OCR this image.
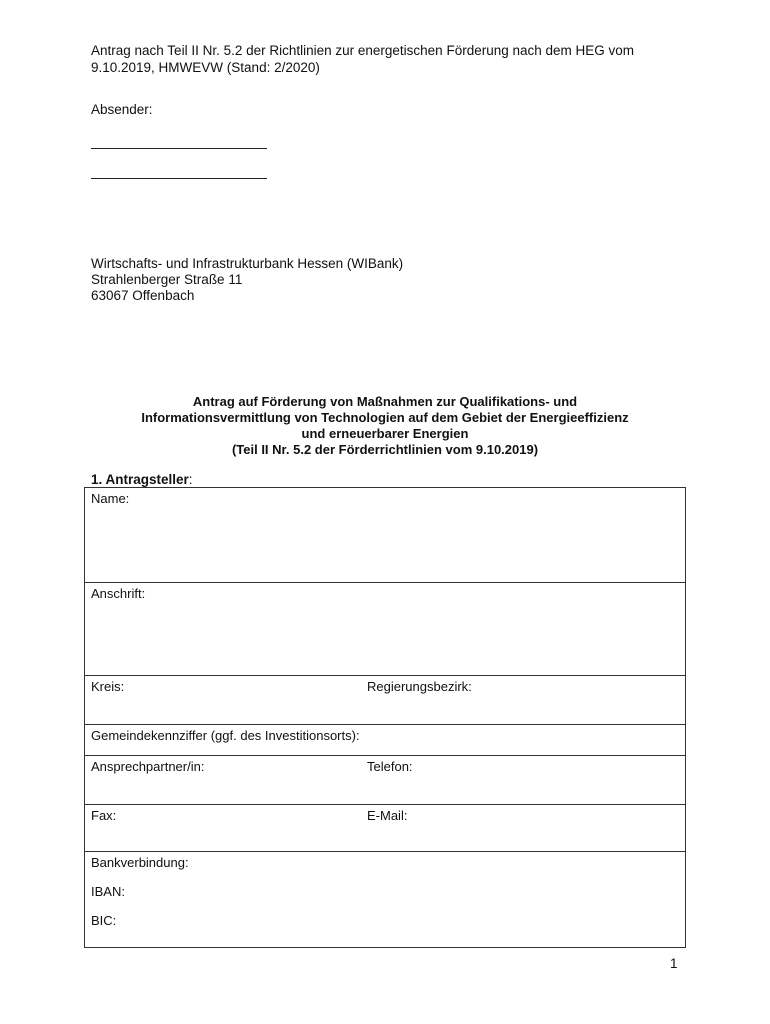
Antrag nach Teil II Nr. 5.2 der Richtlinien zur energetischen Förderung nach dem HEG vom
9.10.2019, HMWEVW (Stand: 2/2020)
Absender:
Wirtschafts- und Infrastrukturbank Hessen (WIBank)
Strahlenberger Straße 11
63067 Offenbach
Antrag auf Förderung von Maßnahmen zur Qualifikations- und
Informationsvermittlung von Technologien auf dem Gebiet der Energieeffizienz
und erneuerbarer Energien
(Teil II Nr. 5.2 der Förderrichtlinien vom 9.10.2019)
1. Antragsteller:
Name:
Anschrift:

Kreis:	Regierungsbezirk:

Gemeindekennziffer (ggf. des Investitionsorts):

Ansprechpartner/in:	Telefon:

Fax:	E-Mail:

Bankverbindung:
IBAN:
BIC:
1
